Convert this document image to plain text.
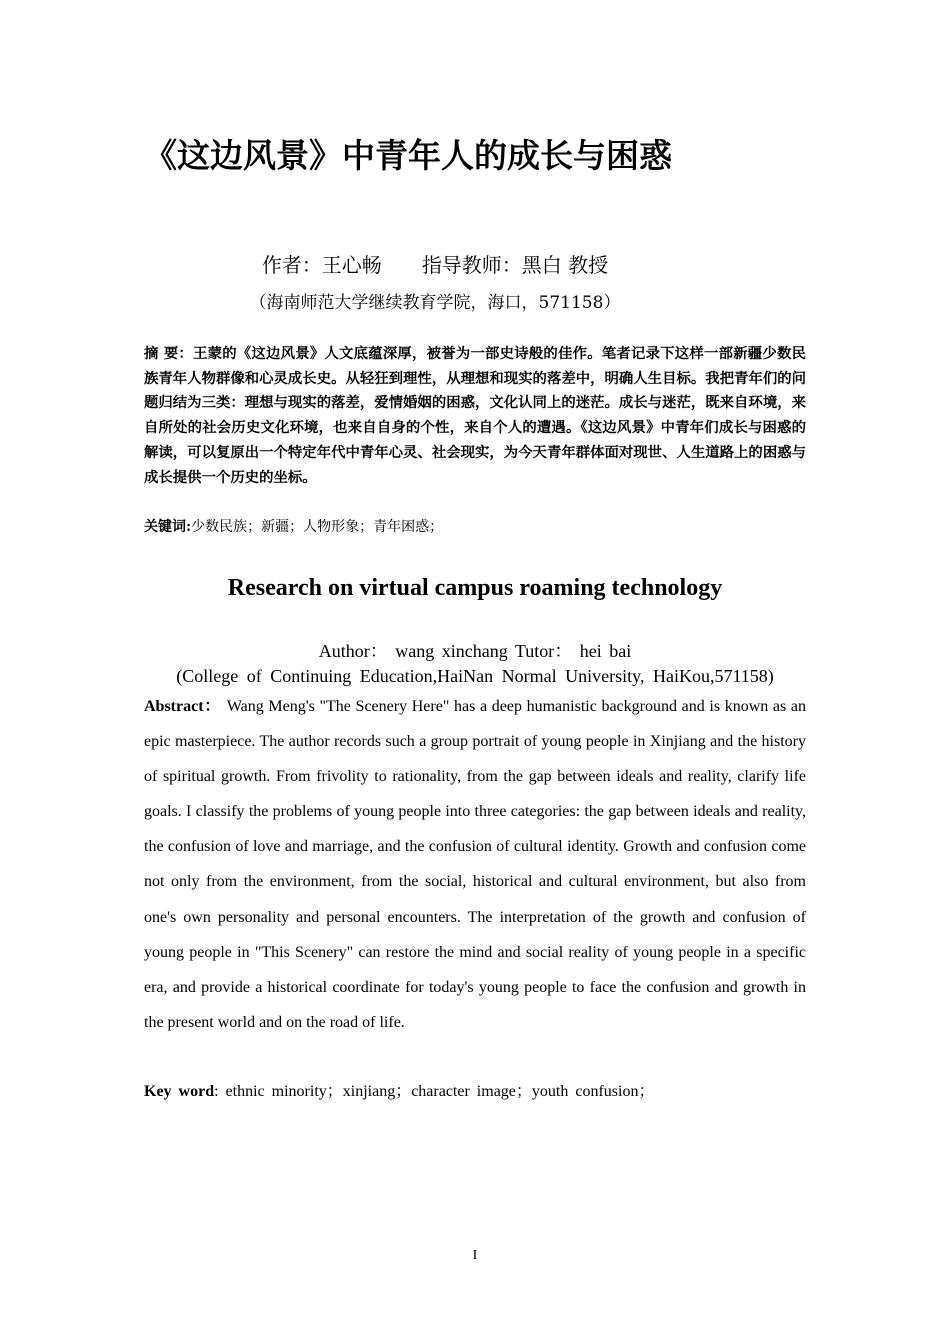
《这边风景》中青年人的成长与困惑
作者：王心畅 指导教师：黑白 教授
（海南师范大学继续教育学院，海口，571158）

摘 要：王蒙的《这边风景》人文底蕴深厚，被誉为一部史诗般的佳作。笔者记录下这样一部新疆少数民族青年人物群像和心灵成长史。从轻狂到理性，从理想和现实的落差中，明确人生目标。我把青年们的问题归结为三类：理想与现实的落差，爱情婚姻的困惑，文化认同上的迷茫。成长与迷茫，既来自环境，来自所处的社会历史文化环境，也来自自身的个性，来自个人的遭遇。《这边风景》中青年们成长与困惑的解读，可以复原出一个特定年代中青年心灵、社会现实，为今天青年群体面对现世、人生道路上的困惑与成长提供一个历史的坐标。

关键词:少数民族；新疆；人物形象；青年困惑；
Research on virtual campus roaming technology
Author： wang xinchang Tutor： hei bai
(College of Continuing Education,HaiNan Normal University, HaiKou,571158)

Abstract： Wang Meng's "The Scenery Here" has a deep humanistic background and is known as an epic masterpiece. The author records such a group portrait of young people in Xinjiang and the history of spiritual growth. From frivolity to rationality, from the gap between ideals and reality, clarify life goals. I classify the problems of young people into three categories: the gap between ideals and reality, the confusion of love and marriage, and the confusion of cultural identity. Growth and confusion come not only from the environment, from the social, historical and cultural environment, but also from one's own personality and personal encounters. The interpretation of the growth and confusion of young people in "This Scenery" can restore the mind and social reality of young people in a specific era, and provide a historical coordinate for today's young people to face the confusion and growth in the present world and on the road of life.

Key word: ethnic minority；xinjiang；character image；youth confusion；
I
